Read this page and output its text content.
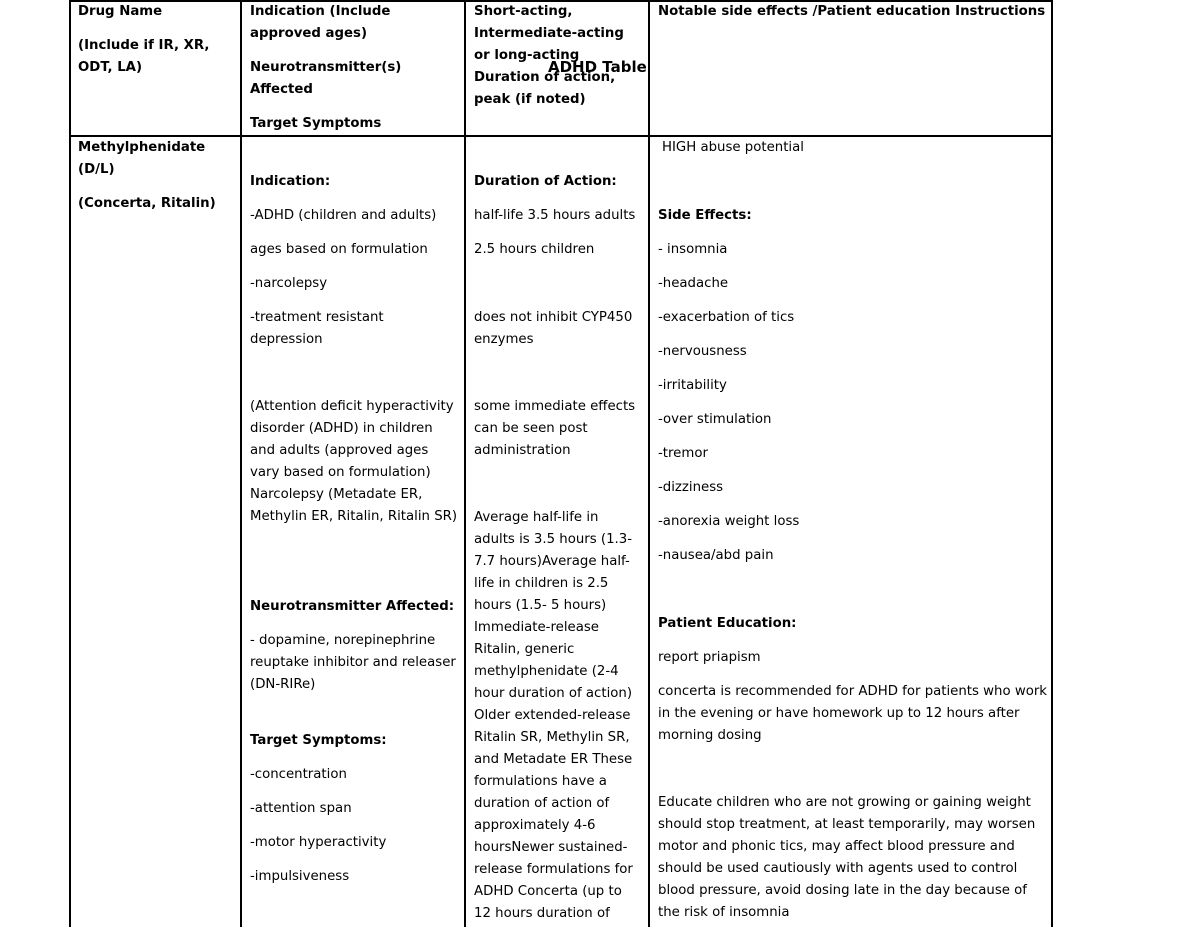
Drug Name

(Include if IR, XR, ODT, LA)

Indication (Include approved ages)

Neurotransmitter(s) Affected

Target Symptoms

Short-acting, Intermediate-acting or long-acting

Duration of action, peak (if noted)

Notable side effects /Patient education Instructions

ADHD Table

Methylphenidate (D/L)

(Concerta, Ritalin)

Indication:

-ADHD (children and adults)

ages based on formulation

-narcolepsy

-treatment resistant depression

(Attention deficit hyperactivity disorder (ADHD) in children and adults (approved ages vary based on formulation) Narcolepsy (Metadate ER, Methylin ER, Ritalin, Ritalin SR)

Neurotransmitter Affected:

- dopamine, norepinephrine reuptake inhibitor and releaser (DN-RIRe)

Target Symptoms:

-concentration

-attention span

-motor hyperactivity

-impulsiveness

Duration of Action:

half-life 3.5 hours adults

2.5 hours children

does not inhibit CYP450 enzymes

some immediate effects can be seen post administration

Average half-life in adults is 3.5 hours (1.3-7.7 hours)Average half-life in children is 2.5 hours (1.5- 5 hours) Immediate-release Ritalin, generic methylphenidate (2-4 hour duration of action) Older extended-release Ritalin SR, Methylin SR, and Metadate ER These formulations have a duration of action of approximately 4-6 hoursNewer sustained-release formulations for ADHD Concerta (up to 12 hours duration of

HIGH abuse potential

Side Effects:

- insomnia

-headache

-exacerbation of tics

-nervousness

-irritability

-over stimulation

-tremor

-dizziness

-anorexia weight loss

-nausea/abd pain

Patient Education:

report priapism

concerta is recommended for ADHD for patients who work in the evening or have homework up to 12 hours after morning dosing

Educate children who are not growing or gaining weight should stop treatment, at least temporarily, may worsen motor and phonic tics, may affect blood pressure and should be used cautiously with agents used to control blood pressure, avoid dosing late in the day because of the risk of insomnia
